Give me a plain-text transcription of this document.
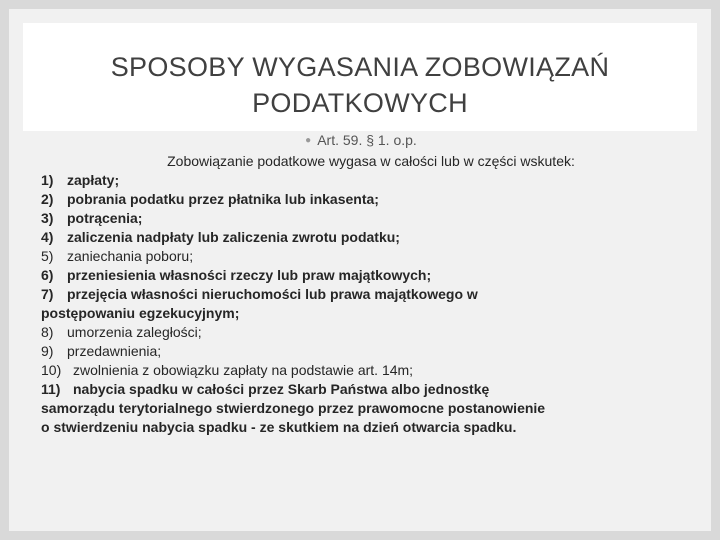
SPOSOBY WYGASANIA ZOBOWIĄZAŃ
PODATKOWYCH
● Art. 59. § 1. o.p.
Zobowiązanie podatkowe wygasa w całości lub w części wskutek:
1) zapłaty;
2) pobrania podatku przez płatnika lub inkasenta;
3) potrącenia;
4) zaliczenia nadpłaty lub zaliczenia zwrotu podatku;
5) zaniechania poboru;
6) przeniesienia własności rzeczy lub praw majątkowych;
7) przejęcia własności nieruchomości lub prawa majątkowego w
postępowaniu egzekucyjnym;
8) umorzenia zaległości;
9) przedawnienia;
10) zwolnienia z obowiązku zapłaty na podstawie art. 14m;
11) nabycia spadku w całości przez Skarb Państwa albo jednostkę
samorządu terytorialnego stwierdzonego przez prawomocne postanowienie
o stwierdzeniu nabycia spadku - ze skutkiem na dzień otwarcia spadku.
